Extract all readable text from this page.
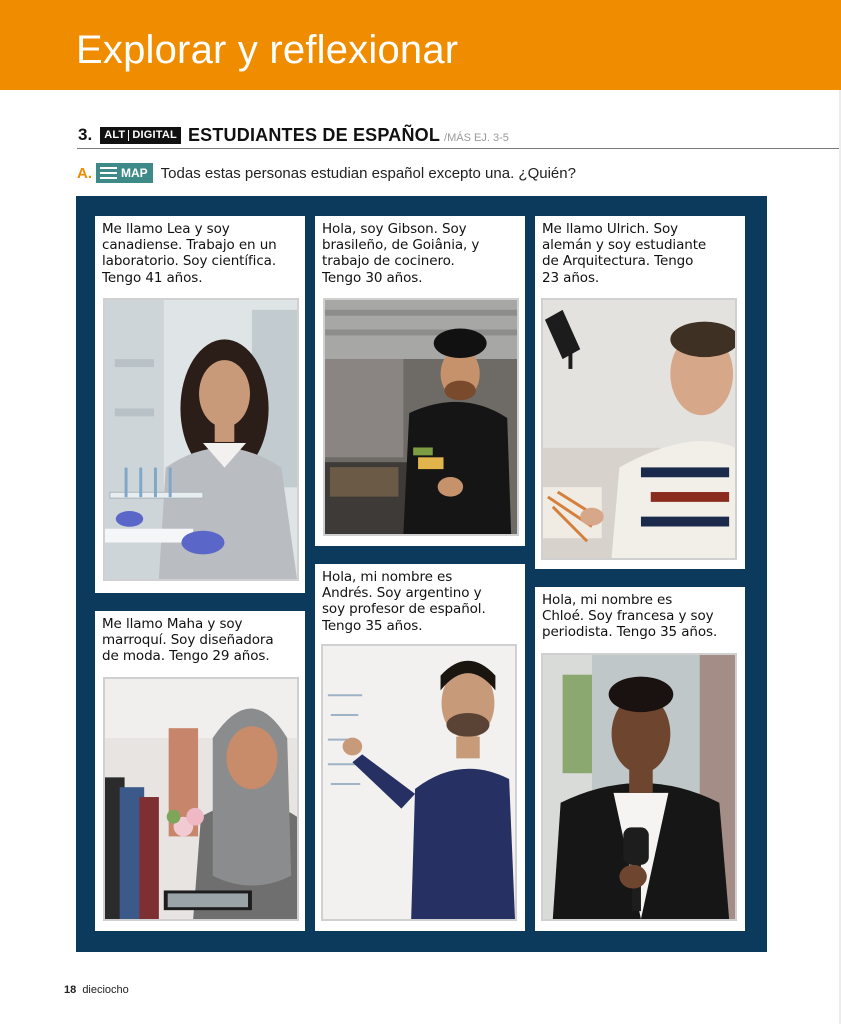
Explorar y reflexionar
3. ALT DIGITAL ESTUDIANTES DE ESPAÑOL /MÁS EJ. 3-5
A. MAP Todas estas personas estudian español excepto una. ¿Quién?
Me llamo Lea y soy
canadiense. Trabajo en un
laboratorio. Soy científica.
Tengo 41 años.
Hola, soy Gibson. Soy
brasileño, de Goiânia, y
trabajo de cocinero.
Tengo 30 años.
Me llamo Ulrich. Soy
alemán y soy estudiante
de Arquitectura. Tengo
23 años.
Me llamo Maha y soy
marroquí. Soy diseñadora
de moda. Tengo 29 años.
Hola, mi nombre es
Andrés. Soy argentino y
soy profesor de español.
Tengo 35 años.
Hola, mi nombre es
Chloé. Soy francesa y soy
periodista. Tengo 35 años.
18 dieciocho
